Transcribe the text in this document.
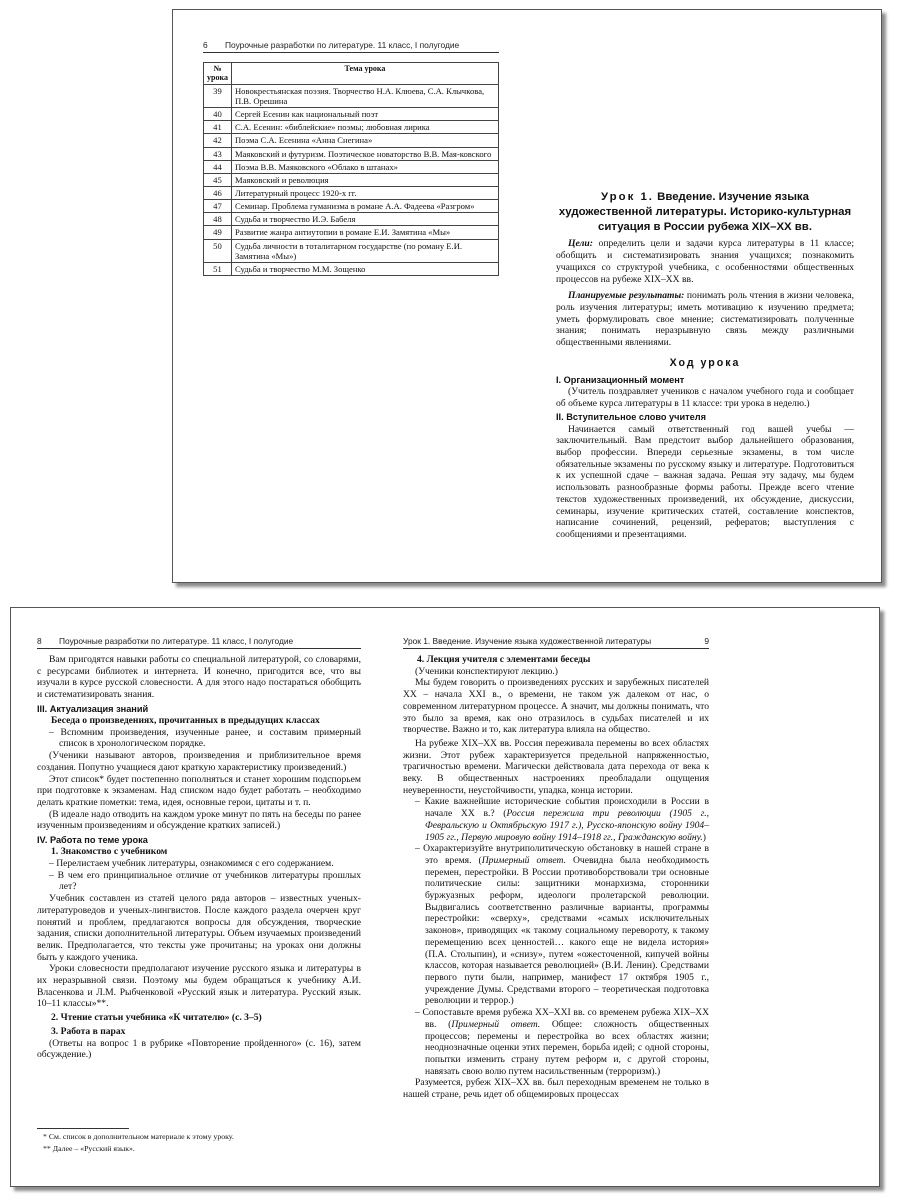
6 Поурочные разработки по литературе. 11 класс, I полугодие
№
урока	Тема урока
39	Новокрестьянская поэзия. Творчество Н.А. Клюева, С.А. Клычкова, П.В. Орешина
40	Сергей Есенин как национальный поэт
41	С.А. Есенин: «библейские» поэмы; любовная лирика
42	Поэма С.А. Есенина «Анна Снегина»
43	Маяковский и футуризм. Поэтическое новаторство В.В. Мая-ковского
44	Поэма В.В. Маяковского «Облако в штанах»
45	Маяковский и революция
46	Литературный процесс 1920-х гг.
47	Семинар. Проблема гуманизма в романе А.А. Фадеева «Разгром»
48	Судьба и творчество И.Э. Бабеля
49	Развитие жанра антиутопии в романе Е.И. Замятина «Мы»
50	Судьба личности в тоталитарном государстве (по роману Е.И. Замятина «Мы»)
51	Судьба и творчество М.М. Зощенко
Урок 1. Введение. Изучение языка художественной литературы. Историко-культурная ситуация в России рубежа XIX–XX вв.

Цели: определить цели и задачи курса литературы в 11 классе; обобщить и систематизировать знания учащихся; познакомить учащихся со структурой учебника, с особенностями общественных процессов на рубеже XIX–XX вв.

Планируемые результаты: понимать роль чтения в жизни человека, роль изучения литературы; иметь мотивацию к изучению предмета; уметь формулировать свое мнение; систематизировать полученные знания; понимать неразрывную связь между различными общественными явлениями.

Ход урока
I. Организационный момент

(Учитель поздравляет учеников с началом учебного года и сообщает об объеме курса литературы в 11 классе: три урока в неделю.)

II. Вступительное слово учителя

Начинается самый ответственный год вашей учебы — заключительный. Вам предстоит выбор дальнейшего образования, выбор профессии. Впереди серьезные экзамены, в том числе обязательные экзамены по русскому языку и литературе. Подготовиться к их успешной сдаче – важная задача. Решая эту задачу, мы будем использовать разнообразные формы работы. Прежде всего чтение текстов художественных произведений, их обсуждение, дискуссии, семинары, изучение критических статей, составление конспектов, написание сочинений, рецензий, рефератов; выступления с сообщениями и презентациями.

8 Поурочные разработки по литературе. 11 класс, I полугодие

Вам пригодятся навыки работы со специальной литературой, со словарями, с ресурсами библиотек и интернета. И конечно, пригодится все, что вы изучали в курсе русской словесности. А для этого надо постараться обобщить и систематизировать знания.

III. Актуализация знаний

Беседа о произведениях, прочитанных в предыдущих классах

– Вспомним произведения, изученные ранее, и составим примерный список в хронологическом порядке.

(Ученики называют авторов, произведения и приблизительное время создания. Попутно учащиеся дают краткую характеристику произведений.)

Этот список* будет постепенно пополняться и станет хорошим подспорьем при подготовке к экзаменам. Над списком надо будет работать – необходимо делать краткие пометки: тема, идея, основные герои, цитаты и т. п.

(В идеале надо отводить на каждом уроке минут по пять на беседы по ранее изученным произведениям и обсуждение кратких записей.)

IV. Работа по теме урока

1. Знакомство с учебником

– Перелистаем учебник литературы, ознакомимся с его содержанием.

– В чем его принципиальное отличие от учебников литературы прошлых лет?

Учебник составлен из статей целого ряда авторов – известных ученых-литературоведов и ученых-лингвистов. После каждого раздела очерчен круг понятий и проблем, предлагаются вопросы для обсуждения, творческие задания, списки дополнительной литературы. Объем изучаемых произведений велик. Предполагается, что тексты уже прочитаны; на уроках они должны быть у каждого ученика.

Уроки словесности предполагают изучение русского языка и литературы в их неразрывной связи. Поэтому мы будем обращаться к учебнику А.И. Власенкова и Л.М. Рыбченковой «Русский язык и литература. Русский язык. 10–11 классы»**.

2. Чтение статьи учебника «К читателю» (с. 3–5)

3. Работа в парах

(Ответы на вопрос 1 в рубрике «Повторение пройденного» (с. 16), затем обсуждение.)

* См. список в дополнительном материале к этому уроку.
** Далее – «Русский язык».
Урок 1. Введение. Изучение языка художественной литературы	9

4. Лекция учителя с элементами беседы

(Ученики конспектируют лекцию.)

Мы будем говорить о произведениях русских и зарубежных писателей XX – начала XXI в., о времени, не таком уж далеком от нас, о современном литературном процессе. А значит, мы должны понимать, что это было за время, как оно отразилось в судьбах писателей и их творчестве. Важно и то, как литература влияла на общество.

На рубеже XIX–XX вв. Россия переживала перемены во всех областях жизни. Этот рубеж характеризуется предельной напряженностью, трагичностью времени. Магически действовала дата перехода от века к веку. В общественных настроениях преобладали ощущения неуверенности, неустойчивости, упадка, конца истории.

– Какие важнейшие исторические события происходили в России в начале XX в.? (Россия пережила три революции (1905 г., Февральскую и Октябрьскую 1917 г.), Русско-японскую войну 1904–1905 гг., Первую мировую войну 1914–1918 гг., Гражданскую войну.)

– Охарактеризуйте внутриполитическую обстановку в нашей стране в это время. (Примерный ответ. Очевидна была необходимость перемен, перестройки. В России противоборствовали три основные политические силы: защитники монархизма, сторонники буржуазных реформ, идеологи пролетарской революции. Выдвигались соответственно различные варианты, программы перестройки: «сверху», средствами «самых исключительных законов», приводящих «к такому социальному перевороту, к такому перемещению всех ценностей… какого еще не видела история» (П.А. Столыпин), и «снизу», путем «ожесточенной, кипучей войны классов, которая называется революцией» (В.И. Ленин). Средствами первого пути были, например, манифест 17 октября 1905 г., учреждение Думы. Средствами второго – теоретическая подготовка революции и террор.)

– Сопоставьте время рубежа XX–XXI вв. со временем рубежа XIX–XX вв. (Примерный ответ. Общее: сложность общественных процессов; перемены и перестройка во всех областях жизни; неоднозначные оценки этих перемен, борьба идей; с одной стороны, попытки изменить страну путем реформ и, с другой стороны, навязать свою волю путем насильственным (терроризм).)

Разумеется, рубеж XIX–XX вв. был переходным временем не только в нашей стране, речь идет об общемировых процессах
